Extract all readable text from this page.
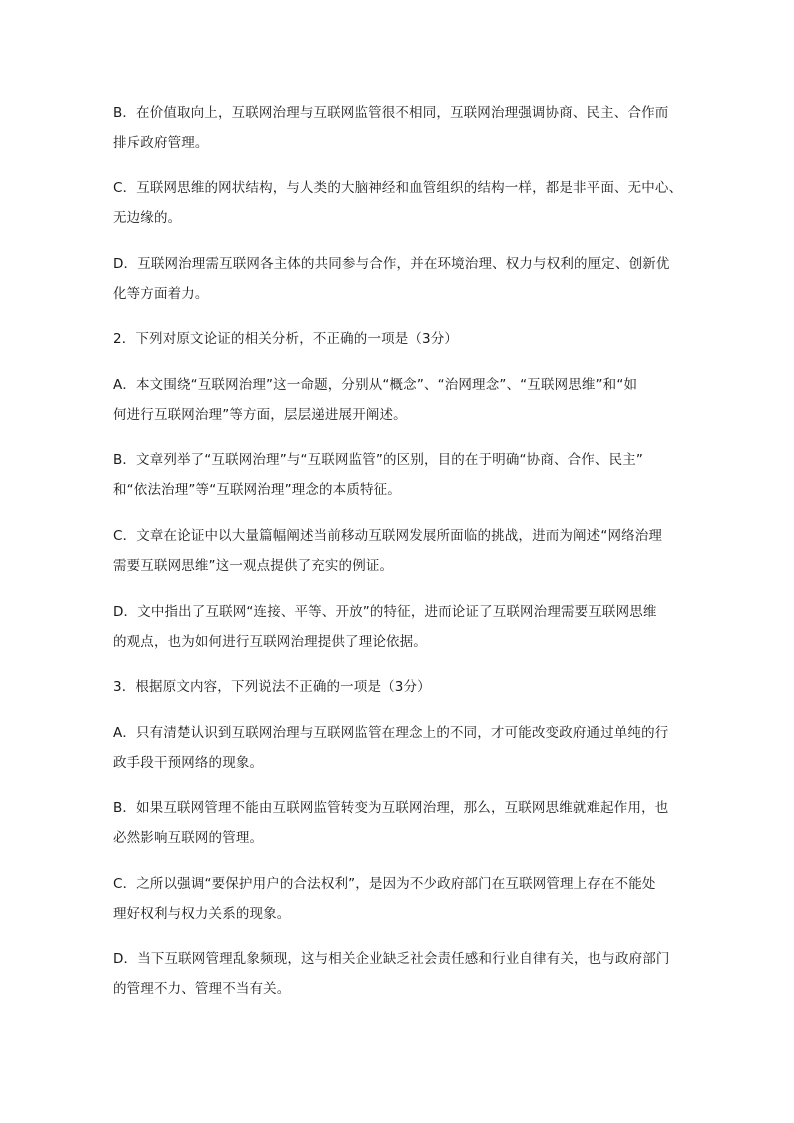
B．在价值取向上，互联网治理与互联网监管很不相同，互联网治理强调协商、民主、合作而
排斥政府管理。
C．互联网思维的网状结构，与人类的大脑神经和血管组织的结构一样，都是非平面、无中心、
无边缘的。
D．互联网治理需互联网各主体的共同参与合作，并在环境治理、权力与权利的厘定、创新优
化等方面着力。
2．下列对原文论证的相关分析，不正确的一项是（3分）
A．本文围绕“互联网治理”这一命题，分别从“概念”、“治网理念”、“互联网思维”和“如
何进行互联网治理”等方面，层层递进展开阐述。
B．文章列举了“互联网治理”与“互联网监管”的区别，目的在于明确“协商、合作、民主”
和“依法治理”等“互联网治理”理念的本质特征。
C．文章在论证中以大量篇幅阐述当前移动互联网发展所面临的挑战，进而为阐述“网络治理
需要互联网思维”这一观点提供了充实的例证。
D．文中指出了互联网“连接、平等、开放”的特征，进而论证了互联网治理需要互联网思维
的观点，也为如何进行互联网治理提供了理论依据。
3．根据原文内容，下列说法不正确的一项是（3分）
A．只有清楚认识到互联网治理与互联网监管在理念上的不同，才可能改变政府通过单纯的行
政手段干预网络的现象。
B．如果互联网管理不能由互联网监管转变为互联网治理，那么，互联网思维就难起作用，也
必然影响互联网的管理。
C．之所以强调“要保护用户的合法权利”，是因为不少政府部门在互联网管理上存在不能处
理好权利与权力关系的现象。
D．当下互联网管理乱象频现，这与相关企业缺乏社会责任感和行业自律有关，也与政府部门
的管理不力、管理不当有关。
